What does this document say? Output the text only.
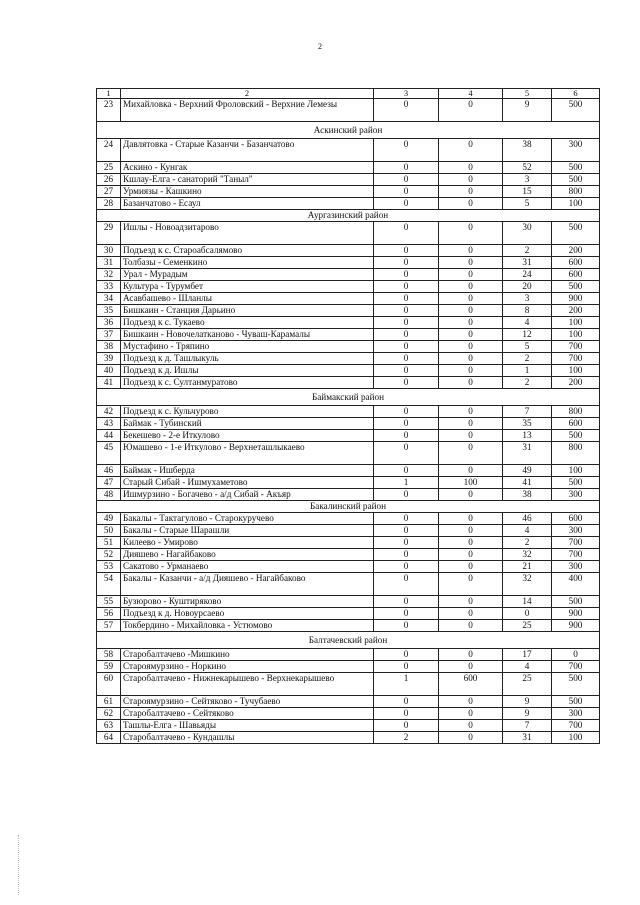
2
1	2	3	4	5	6
23	Михайловка - Верхний Фроловский - Верхние Лемезы	0	0	9	500
Аскинский район					
24	Давлятовка - Старые Казанчи - Базанчатово	0	0	38	300
25	Аскино - Кунгак	0	0	52	500
26	Кшлау-Елга - санаторий "Таныл"	0	0	3	500
27	Урмиязы - Кашкино	0	0	15	800
28	Базанчатово - Есаул	0	0	5	100
Аургазинский район					
29	Ишлы - Новоадзитарово	0	0	30	500
30	Подъезд к с. Староабсалямово	0	0	2	200
31	Толбазы - Семенкино	0	0	31	600
32	Урал - Мурадым	0	0	24	600
33	Культура - Турумбет	0	0	20	500
34	Асавбашево - Шланлы	0	0	3	900
35	Бишкаин - Станция Дарьино	0	0	8	200
36	Подъезд к с. Тукаево	0	0	4	100
37	Бишкаин - Новочелатканово - Чуваш-Карамалы	0	0	12	100
38	Мустафино - Тряпино	0	0	5	700
39	Подъезд к д. Ташлыкуль	0	0	2	700
40	Подъезд к д. Ишлы	0	0	1	100
41	Подъезд к с. Султанмуратово	0	0	2	200
Баймакский район					
42	Подъезд к с. Кульчурово	0	0	7	800
43	Баймак - Тубинский	0	0	35	600
44	Бекешево - 2-е Иткулово	0	0	13	500
45	Юмашево - 1-е Иткулово - Верхнеташлыкаево	0	0	31	800
46	Баймак - Ишберда	0	0	49	100
47	Старый Сибай - Ишмухаметово	1	100	41	500
48	Ишмурзино - Богачево - а/д Сибай - Акъяр	0	0	38	300
Бакалинский район					
49	Бакалы - Тактагулово - Старокуручево	0	0	46	600
50	Бакалы - Старые Шарашли	0	0	4	300
51	Килеево - Умирово	0	0	2	700
52	Дияшево - Нагайбаково	0	0	32	700
53	Сакатово - Урманаево	0	0	21	300
54	Бакалы - Казанчи - а/д Дияшево - Нагайбаково	0	0	32	400
55	Бузюрово - Куштиряково	0	0	14	500
56	Подъезд к д. Новоурсаево	0	0	0	900
57	Токбердино - Михайловка - Устюмово	0	0	25	900
Балтачевский район					
58	Старобалтачево -Мишкино	0	0	17	0
59	Староямурзино - Норкино	0	0	4	700
60	Старобалтачево - Нижнекарышево - Верхнекарышево	1	600	25	500
61	Староямурзино - Сейтяково - Тучубаево	0	0	9	500
62	Старобалтачево - Сейтяково	0	0	9	300
63	Ташлы-Елга - Шавьяды	0	0	7	700
64	Старобалтачево - Кундашлы	2	0	31	100
